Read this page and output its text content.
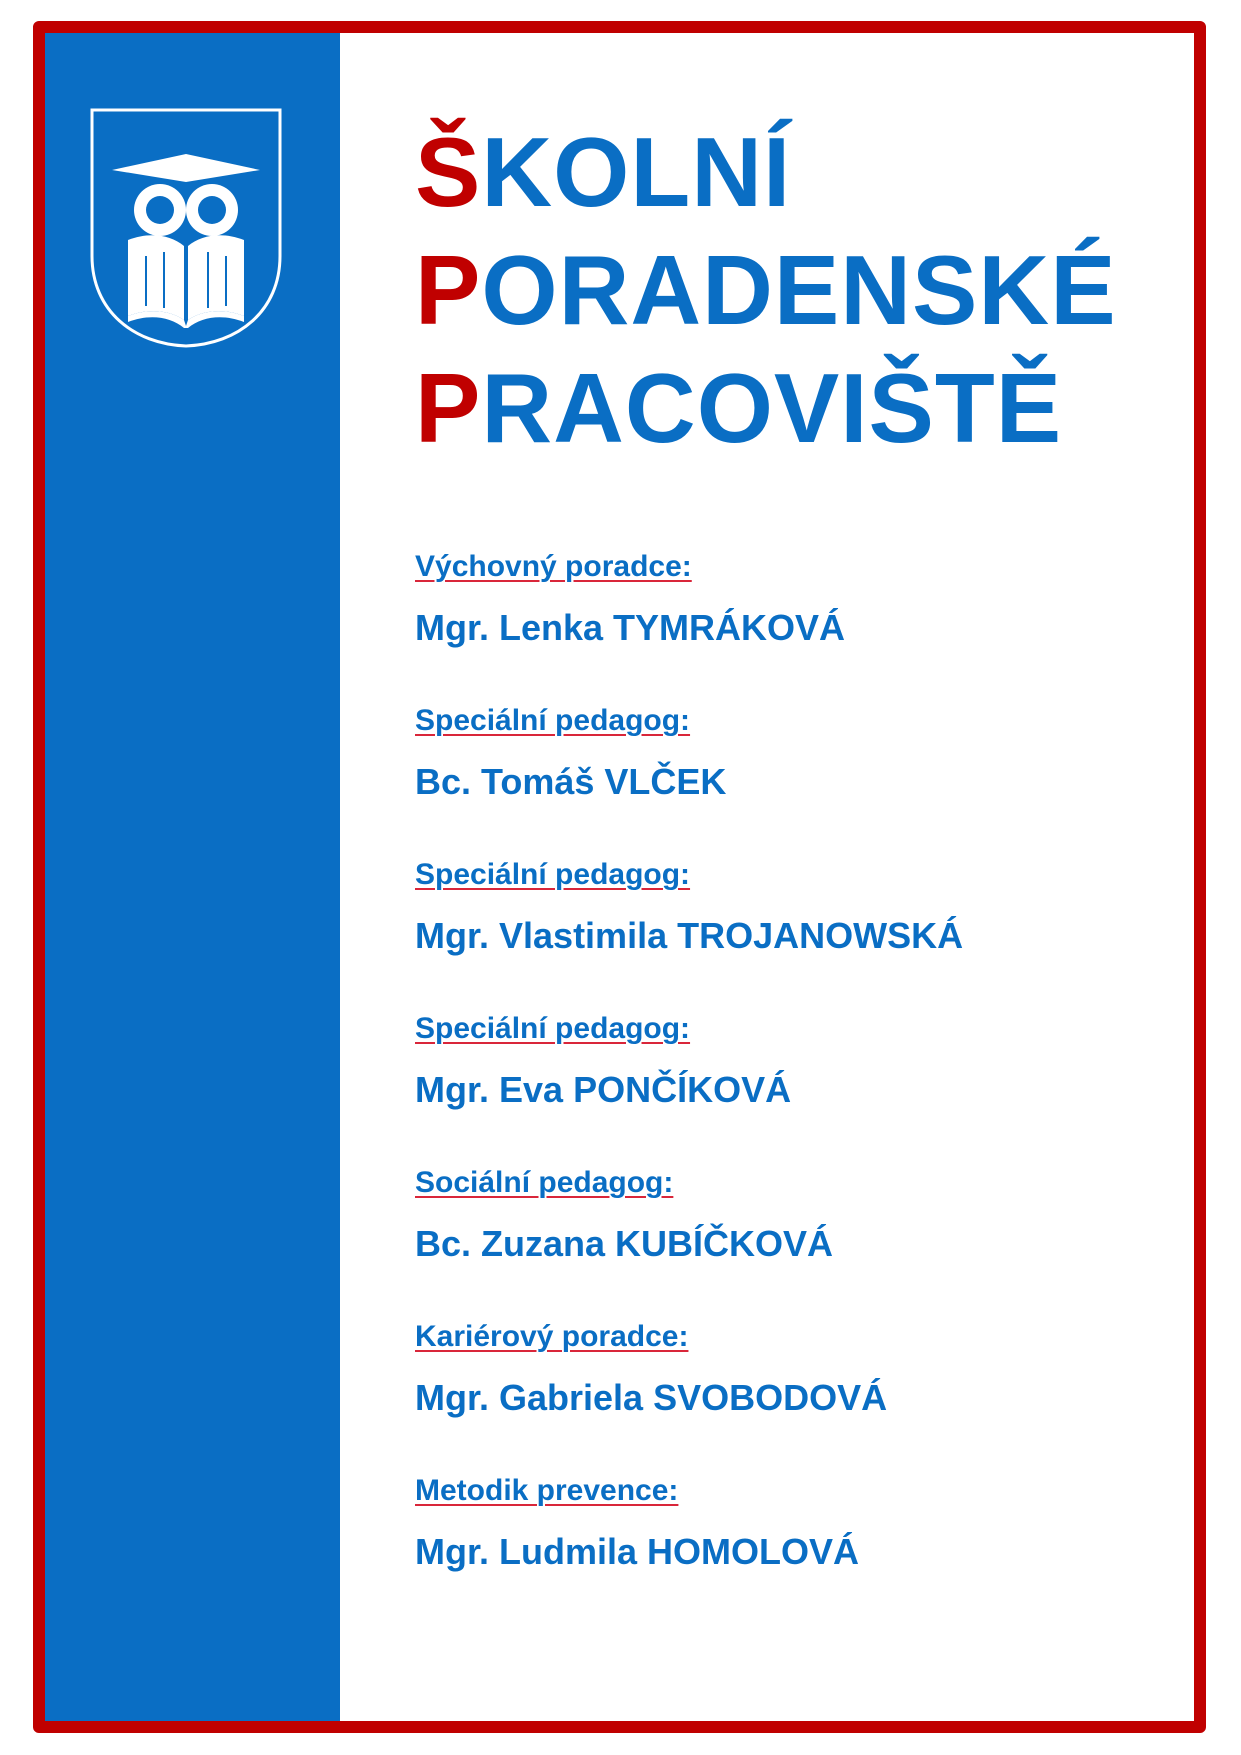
ŠKOLNÍ
PORADENSKÉ
PRACOVIŠTĚ
Výchovný poradce:
Mgr. Lenka TYMRÁKOVÁ
Speciální pedagog:
Bc. Tomáš VLČEK
Speciální pedagog:
Mgr. Vlastimila TROJANOWSKÁ
Speciální pedagog:
Mgr. Eva PONČÍKOVÁ
Sociální pedagog:
Bc. Zuzana KUBÍČKOVÁ
Kariérový poradce:
Mgr. Gabriela SVOBODOVÁ
Metodik prevence:
Mgr. Ludmila HOMOLOVÁ
